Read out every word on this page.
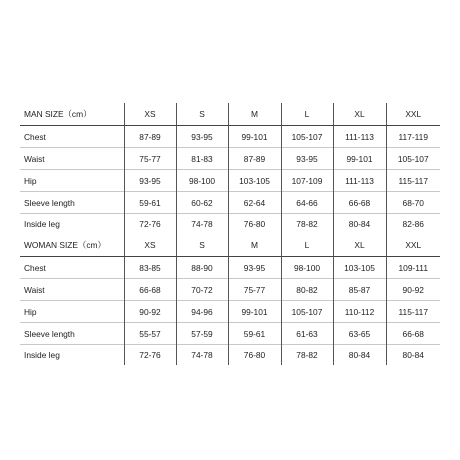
MAN SIZE（cm）	XS	S	M	L	XL	XXL
Chest	87-89	93-95	99-101	105-107	111-113	117-119
Waist	75-77	81-83	87-89	93-95	99-101	105-107
Hip	93-95	98-100	103-105	107-109	111-113	115-117
Sleeve length	59-61	60-62	62-64	64-66	66-68	68-70
Inside leg	72-76	74-78	76-80	78-82	80-84	82-86
WOMAN SIZE（cm）	XS	S	M	L	XL	XXL
Chest	83-85	88-90	93-95	98-100	103-105	109-111
Waist	66-68	70-72	75-77	80-82	85-87	90-92
Hip	90-92	94-96	99-101	105-107	110-112	115-117
Sleeve length	55-57	57-59	59-61	61-63	63-65	66-68
Inside leg	72-76	74-78	76-80	78-82	80-84	80-84
